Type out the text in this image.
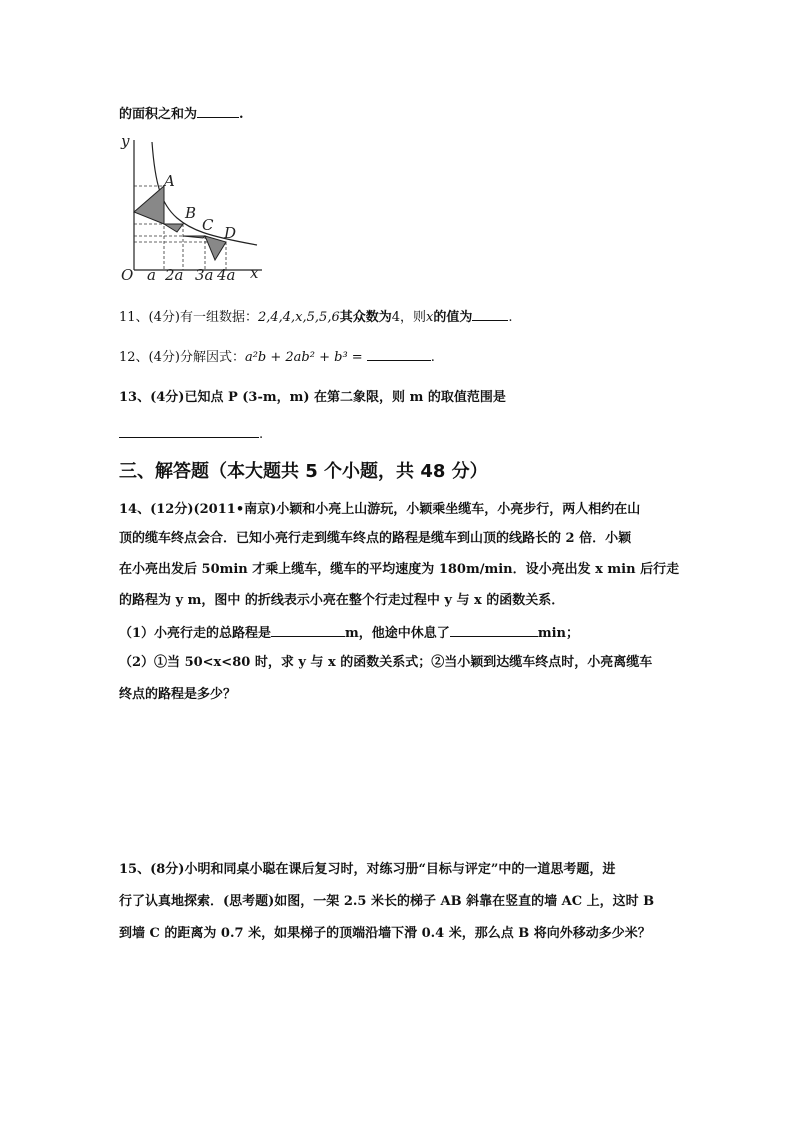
的面积之和为	.
y
x
O
A
B
C D
a 2a 3a 4a
11、(4分)有一组数据：2,4,4,x,5,5,6其众数为4，则x的值为	.
12、(4分)分解因式：a²b + 2ab² + b³ =	.
13、(4分)已知点 P (3-m，m) 在第二象限，则 m 的取值范围是
.
三、解答题（本大题共 5 个小题，共 48 分）
14、(12分)(2011•南京)小颖和小亮上山游玩，小颖乘坐缆车，小亮步行，两人相约在山
顶的缆车终点会合．已知小亮行走到缆车终点的路程是缆车到山顶的线路长的 2 倍．小颖
在小亮出发后 50min 才乘上缆车，缆车的平均速度为 180m/min．设小亮出发 x min 后行走
的路程为 y m，图中 的折线表示小亮在整个行走过程中 y 与 x 的函数关系．
（1）小亮行走的总路程是	m，他途中休息了	min；
（2）①当 50<x<80 时，求 y 与 x 的函数关系式；②当小颖到达缆车终点时，小亮离缆车
终点的路程是多少？
15、(8分)小明和同桌小聪在课后复习时，对练习册“目标与评定”中的一道思考题，进
行了认真地探索．(思考题)如图，一架 2.5 米长的梯子 AB 斜靠在竖直的墙 AC 上，这时 B
到墙 C 的距离为 0.7 米，如果梯子的顶端沿墙下滑 0.4 米，那么点 B 将向外移动多少米？
